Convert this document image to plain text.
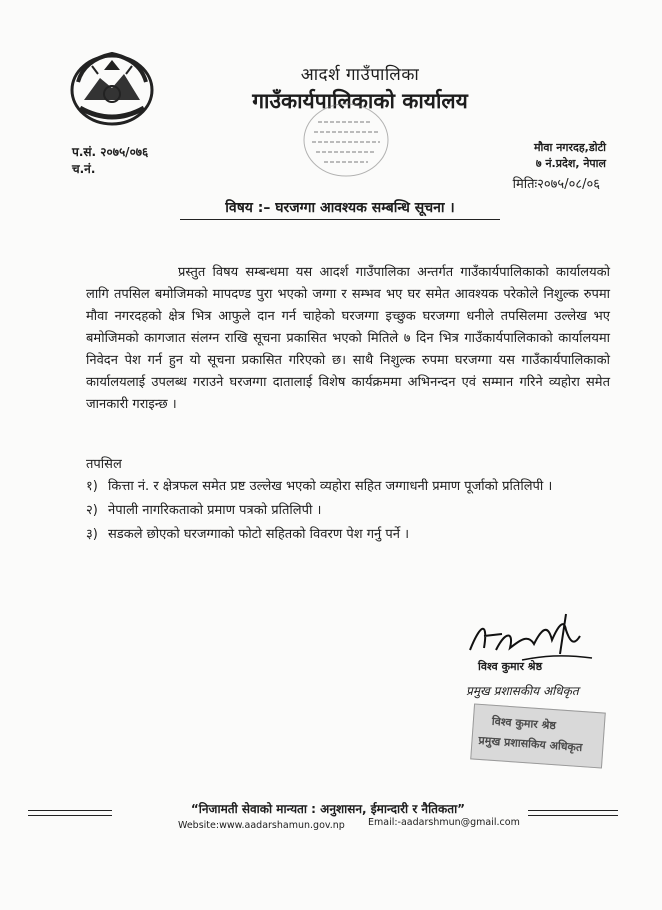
आदर्श गाउँपालिका
गाउँकार्यपालिकाको कार्यालय
प.सं. २०७५/०७६
च.नं.
मौवा नगरदह,डोटी
७ नं.प्रदेश, नेपाल
मितिः२०७५/०८/०६
विषय :– घरजग्गा आवश्यक सम्बन्धि सूचना ।

प्रस्तुत विषय सम्बन्धमा यस आदर्श गाउँपालिका अन्तर्गत गाउँकार्यपालिकाको कार्यालयको लागि तपसिल बमोजिमको मापदण्ड पुरा भएको जग्गा र सम्भव भए घर समेत आवश्यक परेकोले निशुल्क रुपमा मौवा नगरदहको क्षेत्र भित्र आफुले दान गर्न चाहेको घरजग्गा इच्छुक घरजग्गा धनीले तपसिलमा उल्लेख भए बमोजिमको कागजात संलग्न राखि सूचना प्रकासित भएको मितिले ७ दिन भित्र गाउँकार्यपालिकाको कार्यालयमा निवेदन पेश गर्न हुन यो सूचना प्रकासित गरिएको छ। साथै निशुल्क रुपमा घरजग्गा यस गाउँकार्यपालिकाको कार्यालयलाई उपलब्ध गराउने घरजग्गा दातालाई विशेष कार्यक्रममा अभिनन्दन एवं सम्मान गरिने व्यहोरा समेत जानकारी गराइन्छ ।

तपसिल
१) कित्ता नं. र क्षेत्रफल समेत प्रष्ट उल्लेख भएको व्यहोरा सहित जग्गाधनी प्रमाण पूर्जाको प्रतिलिपी ।
२) नेपाली नागरिकताको प्रमाण पत्रको प्रतिलिपी ।
३) सडकले छोएको घरजग्गाको फोटो सहितको विवरण पेश गर्नु पर्ने ।
विश्व कुमार श्रेष्ठ
प्रमुख प्रशासकीय अधिकृत
विश्व कुमार श्रेष्ठ
प्रमुख प्रशासकिय अधिकृत
“निजामती सेवाको मान्यता : अनुशासन, ईमान्दारी र नैतिकता”
Website:www.aadarshamun.gov.np Email:-aadarshmun@gmail.com
